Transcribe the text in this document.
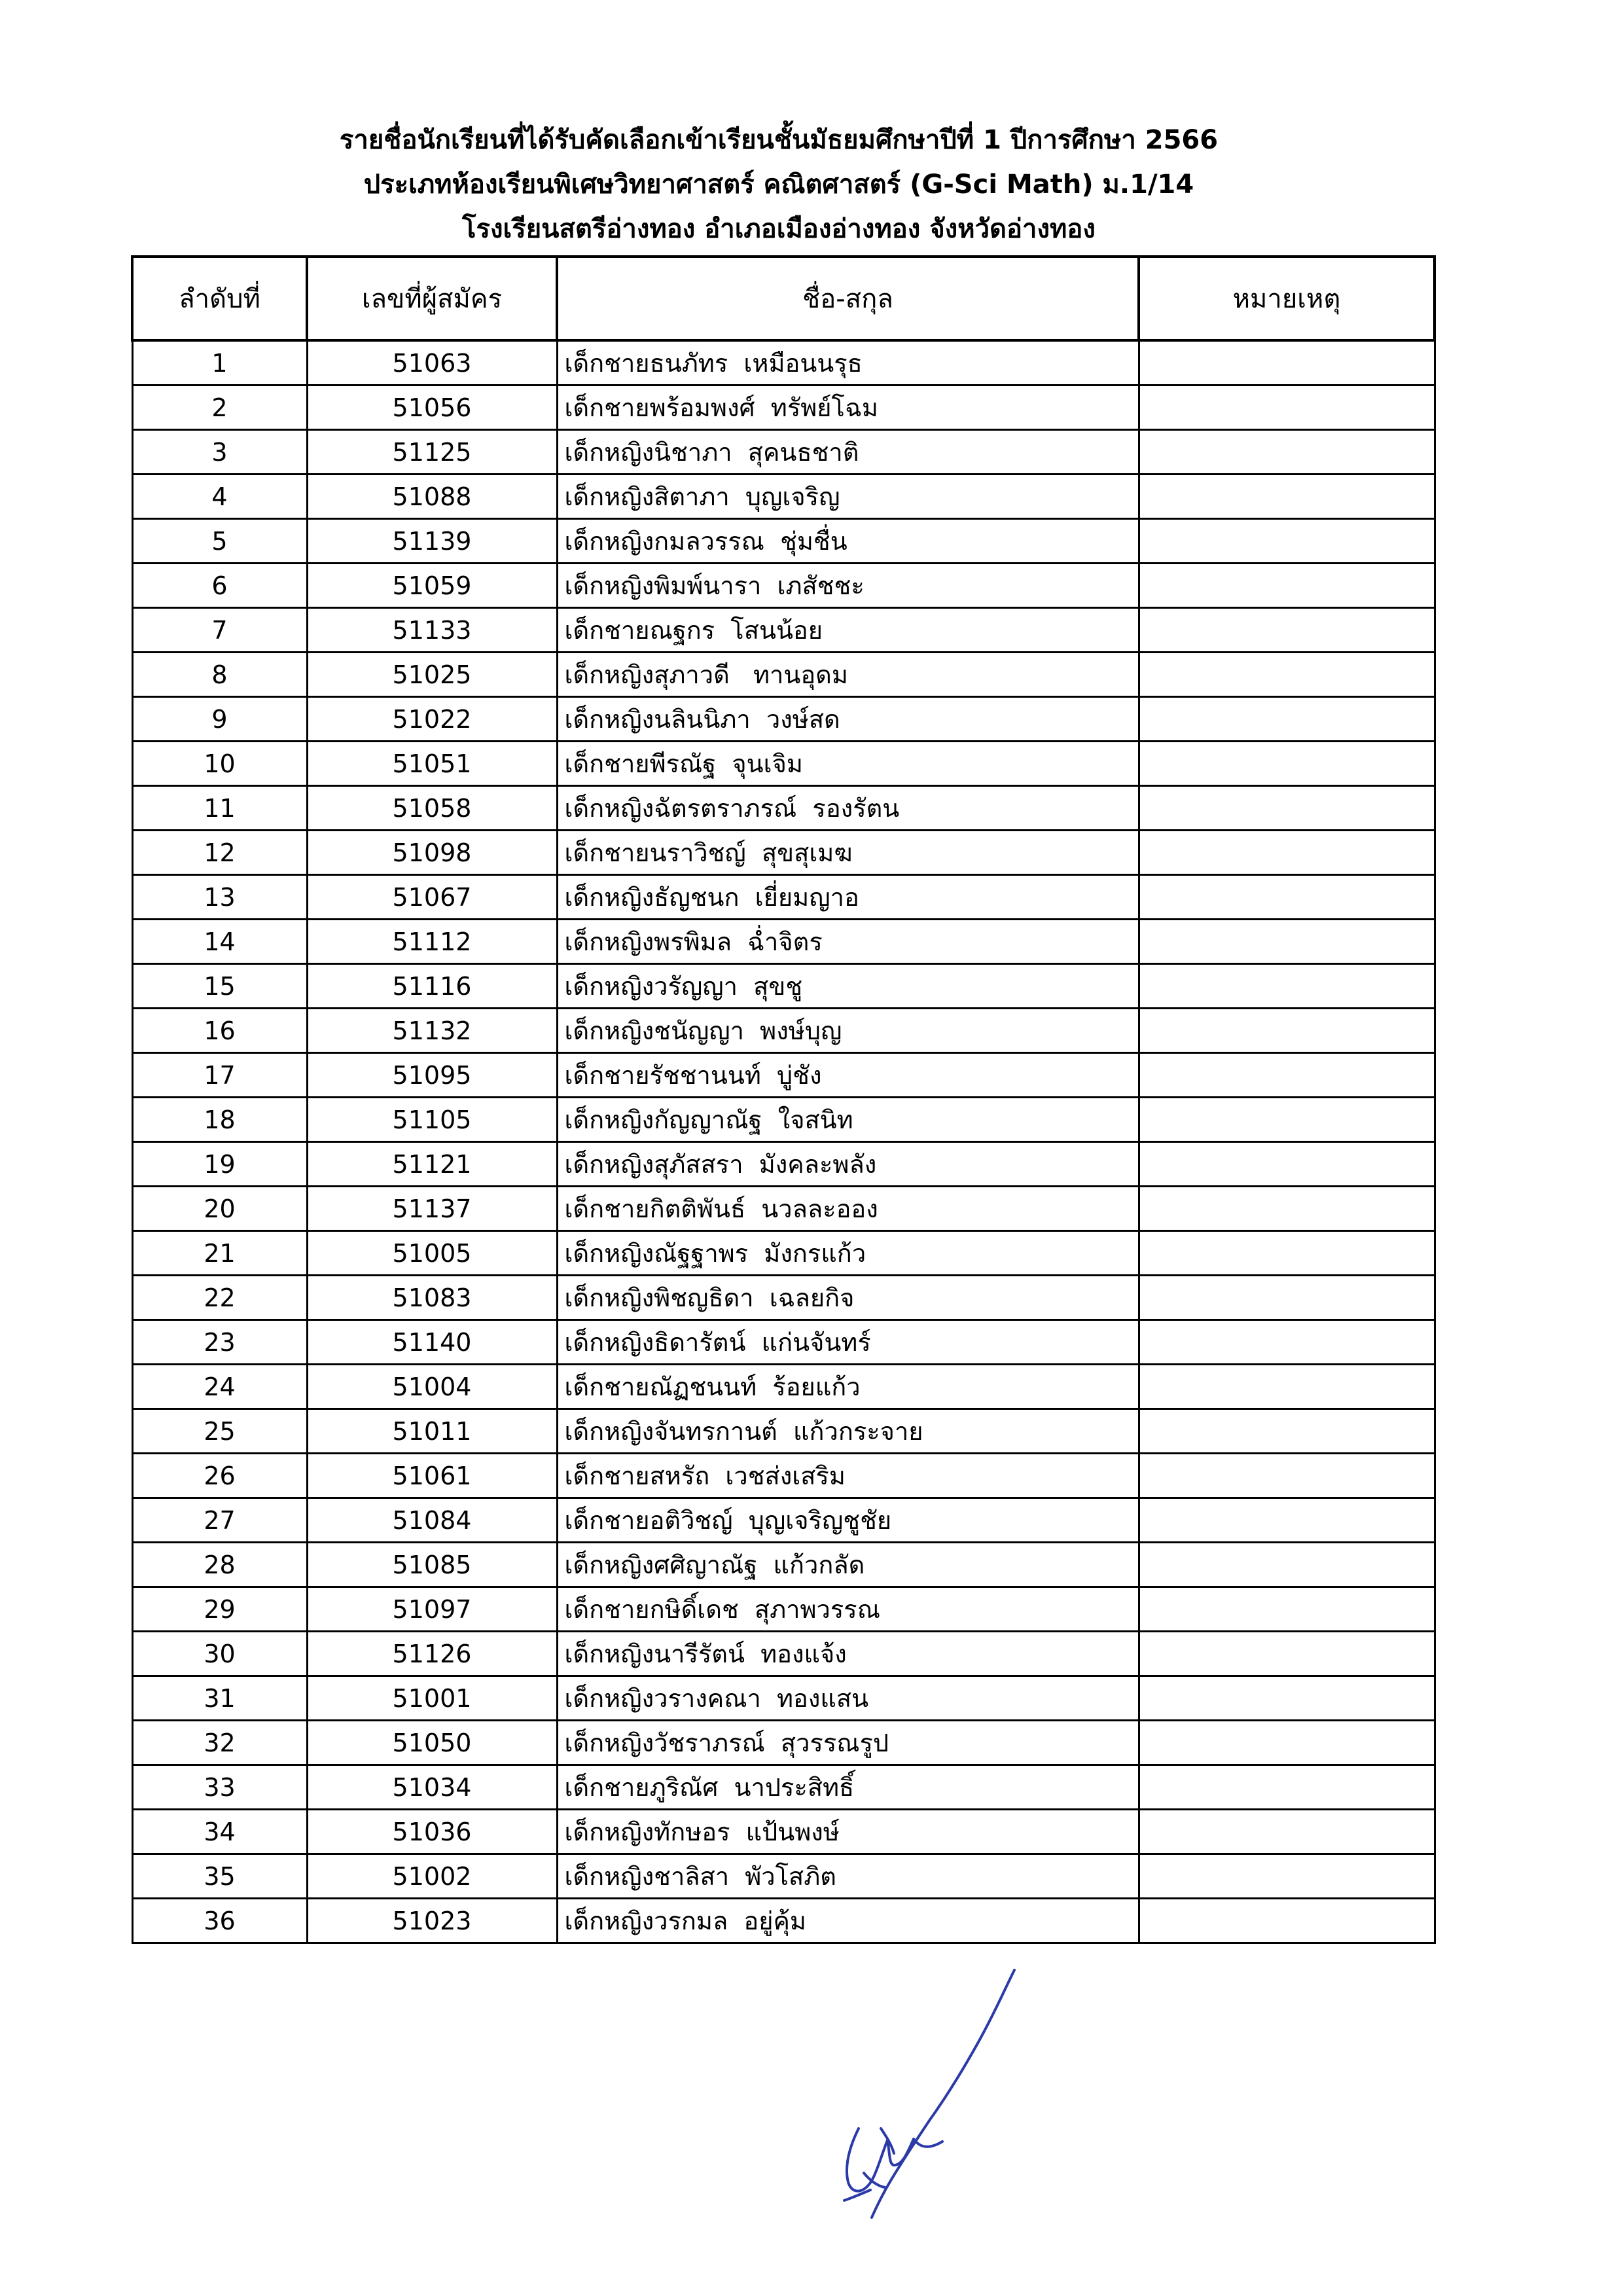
รายชื่อนักเรียนที่ได้รับคัดเลือกเข้าเรียนชั้นมัธยมศึกษาปีที่ 1 ปีการศึกษา 2566
ประเภทห้องเรียนพิเศษวิทยาศาสตร์ คณิตศาสตร์ (G-Sci Math) ม.1/14
โรงเรียนสตรีอ่างทอง อำเภอเมืองอ่างทอง จังหวัดอ่างทอง
ลำดับที่	เลขที่ผู้สมัคร	ชื่อ-สกุล	หมายเหตุ
1	51063	เด็กชายธนภัทร  เหมือนนรุธ	
2	51056	เด็กชายพร้อมพงศ์  ทรัพย์โฉม	
3	51125	เด็กหญิงนิชาภา  สุคนธชาติ	
4	51088	เด็กหญิงสิตาภา  บุญเจริญ	
5	51139	เด็กหญิงกมลวรรณ  ชุ่มชื่น	
6	51059	เด็กหญิงพิมพ์นารา  เภสัชชะ	
7	51133	เด็กชายณฐกร  โสนน้อย	
8	51025	เด็กหญิงสุภาวดี   ทานอุดม	
9	51022	เด็กหญิงนลินนิภา  วงษ์สด	
10	51051	เด็กชายพีรณัฐ  จุนเจิม	
11	51058	เด็กหญิงฉัตรตราภรณ์  รองรัตน	
12	51098	เด็กชายนราวิชญ์  สุขสุเมฆ	
13	51067	เด็กหญิงธัญชนก  เยี่ยมญาอ	
14	51112	เด็กหญิงพรพิมล  ฉ่ำจิตร	
15	51116	เด็กหญิงวรัญญา  สุขชู	
16	51132	เด็กหญิงชนัญญา  พงษ์บุญ	
17	51095	เด็กชายรัชชานนท์  บู่ชัง	
18	51105	เด็กหญิงกัญญาณัฐ  ใจสนิท	
19	51121	เด็กหญิงสุภัสสรา  มังคละพลัง	
20	51137	เด็กชายกิตติพันธ์  นวลละออง	
21	51005	เด็กหญิงณัฐฐาพร  มังกรแก้ว	
22	51083	เด็กหญิงพิชญธิดา  เฉลยกิจ	
23	51140	เด็กหญิงธิดารัตน์  แก่นจันทร์	
24	51004	เด็กชายณัฏชนนท์  ร้อยแก้ว	
25	51011	เด็กหญิงจันทรกานต์  แก้วกระจาย	
26	51061	เด็กชายสหรัถ  เวชส่งเสริม	
27	51084	เด็กชายอติวิชญ์  บุญเจริญชูชัย	
28	51085	เด็กหญิงศศิญาณัฐ  แก้วกลัด	
29	51097	เด็กชายกษิดิ์เดช  สุภาพวรรณ	
30	51126	เด็กหญิงนารีรัตน์  ทองแจ้ง	
31	51001	เด็กหญิงวรางคณา  ทองแสน	
32	51050	เด็กหญิงวัชราภรณ์  สุวรรณรูป	
33	51034	เด็กชายภูริณัศ  นาประสิทธิ์	
34	51036	เด็กหญิงทักษอร  แป้นพงษ์	
35	51002	เด็กหญิงชาลิสา  พัวโสภิต	
36	51023	เด็กหญิงวรกมล  อยู่คุ้ม	
